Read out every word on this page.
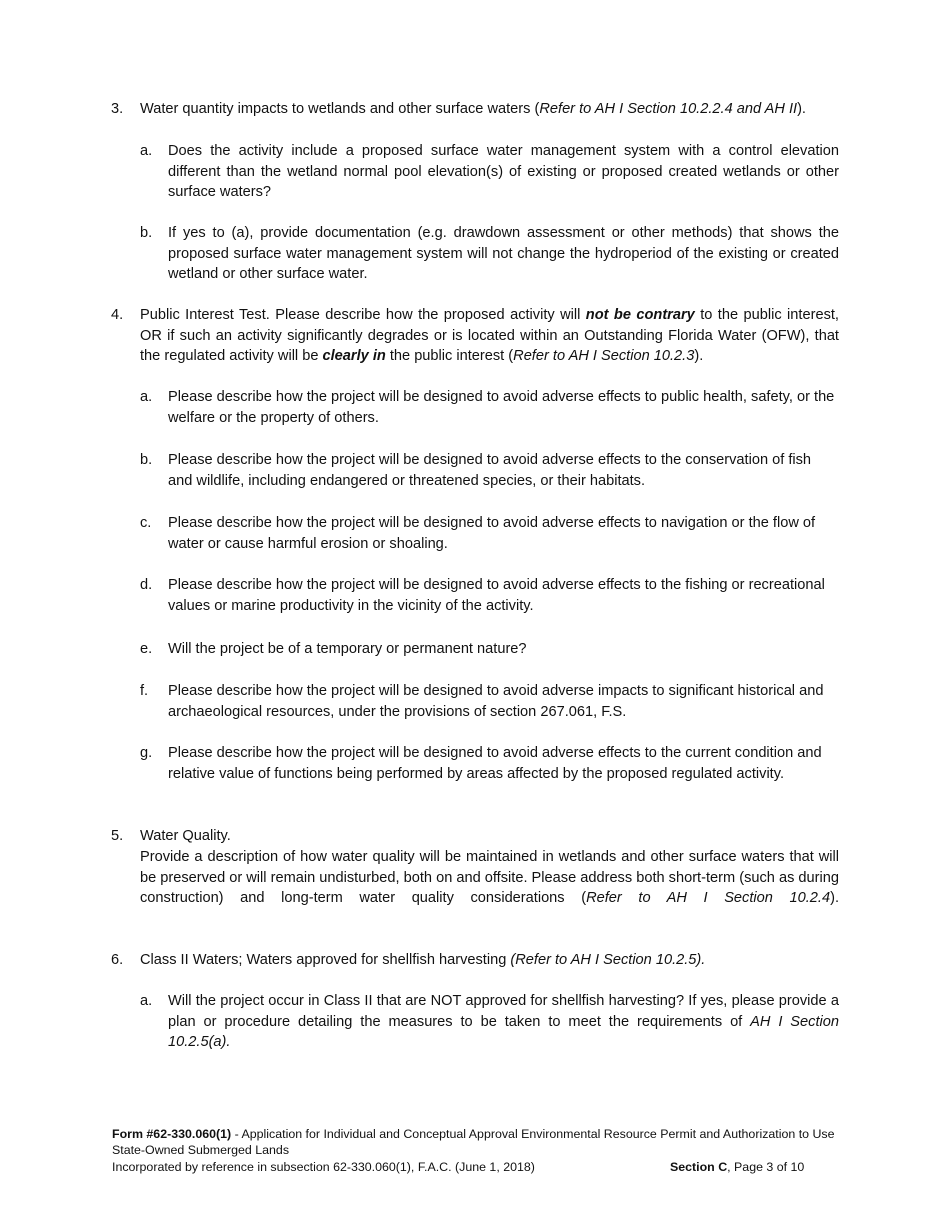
3. Water quantity impacts to wetlands and other surface waters (Refer to AH I Section 10.2.2.4 and AH II).
a. Does the activity include a proposed surface water management system with a control elevation different than the wetland normal pool elevation(s) of existing or proposed created wetlands or other surface waters?
b. If yes to (a), provide documentation (e.g. drawdown assessment or other methods) that shows the proposed surface water management system will not change the hydroperiod of the existing or created wetland or other surface water.
4. Public Interest Test. Please describe how the proposed activity will not be contrary to the public interest, OR if such an activity significantly degrades or is located within an Outstanding Florida Water (OFW), that the regulated activity will be clearly in the public interest (Refer to AH I Section 10.2.3).
a. Please describe how the project will be designed to avoid adverse effects to public health, safety, or the welfare or the property of others.
b. Please describe how the project will be designed to avoid adverse effects to the conservation of fish and wildlife, including endangered or threatened species, or their habitats.
c. Please describe how the project will be designed to avoid adverse effects to navigation or the flow of water or cause harmful erosion or shoaling.
d. Please describe how the project will be designed to avoid adverse effects to the fishing or recreational values or marine productivity in the vicinity of the activity.
e. Will the project be of a temporary or permanent nature?
f. Please describe how the project will be designed to avoid adverse impacts to significant historical and archaeological resources, under the provisions of section 267.061, F.S.
g. Please describe how the project will be designed to avoid adverse effects to the current condition and relative value of functions being performed by areas affected by the proposed regulated activity.
5. Water Quality.
Provide a description of how water quality will be maintained in wetlands and other surface waters that will be preserved or will remain undisturbed, both on and offsite. Please address both short-term (such as during construction) and long-term water quality considerations (Refer to AH I Section 10.2.4).
6. Class II Waters; Waters approved for shellfish harvesting (Refer to AH I Section 10.2.5).
a. Will the project occur in Class II that are NOT approved for shellfish harvesting? If yes, please provide a plan or procedure detailing the measures to be taken to meet the requirements of AH I Section 10.2.5(a).
Form #62-330.060(1) - Application for Individual and Conceptual Approval Environmental Resource Permit and Authorization to Use State-Owned Submerged Lands
Incorporated by reference in subsection 62-330.060(1), F.A.C. (June 1, 2018)	Section C, Page 3 of 10
